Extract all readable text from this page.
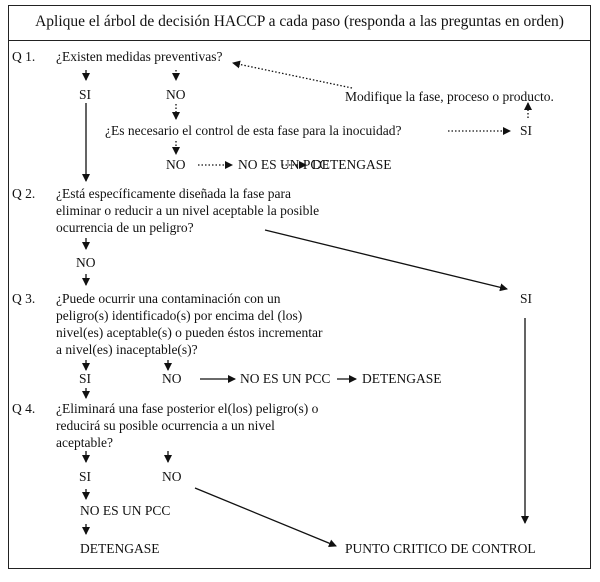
Aplique el árbol de decisión HACCP a cada paso (responda a las preguntas en orden)
Q 1. ¿Existen medidas preventivas?
SI	NO	Modifique la fase, proceso o producto.
¿Es necesario el control de esta fase para la inocuidad?	SI
NO	NO ES UN PCC
DETENGASE
Q 2. ¿Está específicamente diseñada la fase para
eliminar o reducir a un nivel aceptable la posible
ocurrencia de un peligro?
NO
SI
Q 3. ¿Puede ocurrir una contaminación con un
peligro(s) identificado(s) por encima del (los)
nivel(es) aceptable(s) o pueden éstos incrementar
a nivel(es) inaceptable(s)?
SI	NO	NO ES UN PCC DETENGASE
Q 4. ¿Eliminará una fase posterior el(los) peligro(s) o
reducirá su posible ocurrencia a un nivel
aceptable?
SI	NO
NO ES UN PCC
DETENGASE	PUNTO CRITICO DE CONTROL
